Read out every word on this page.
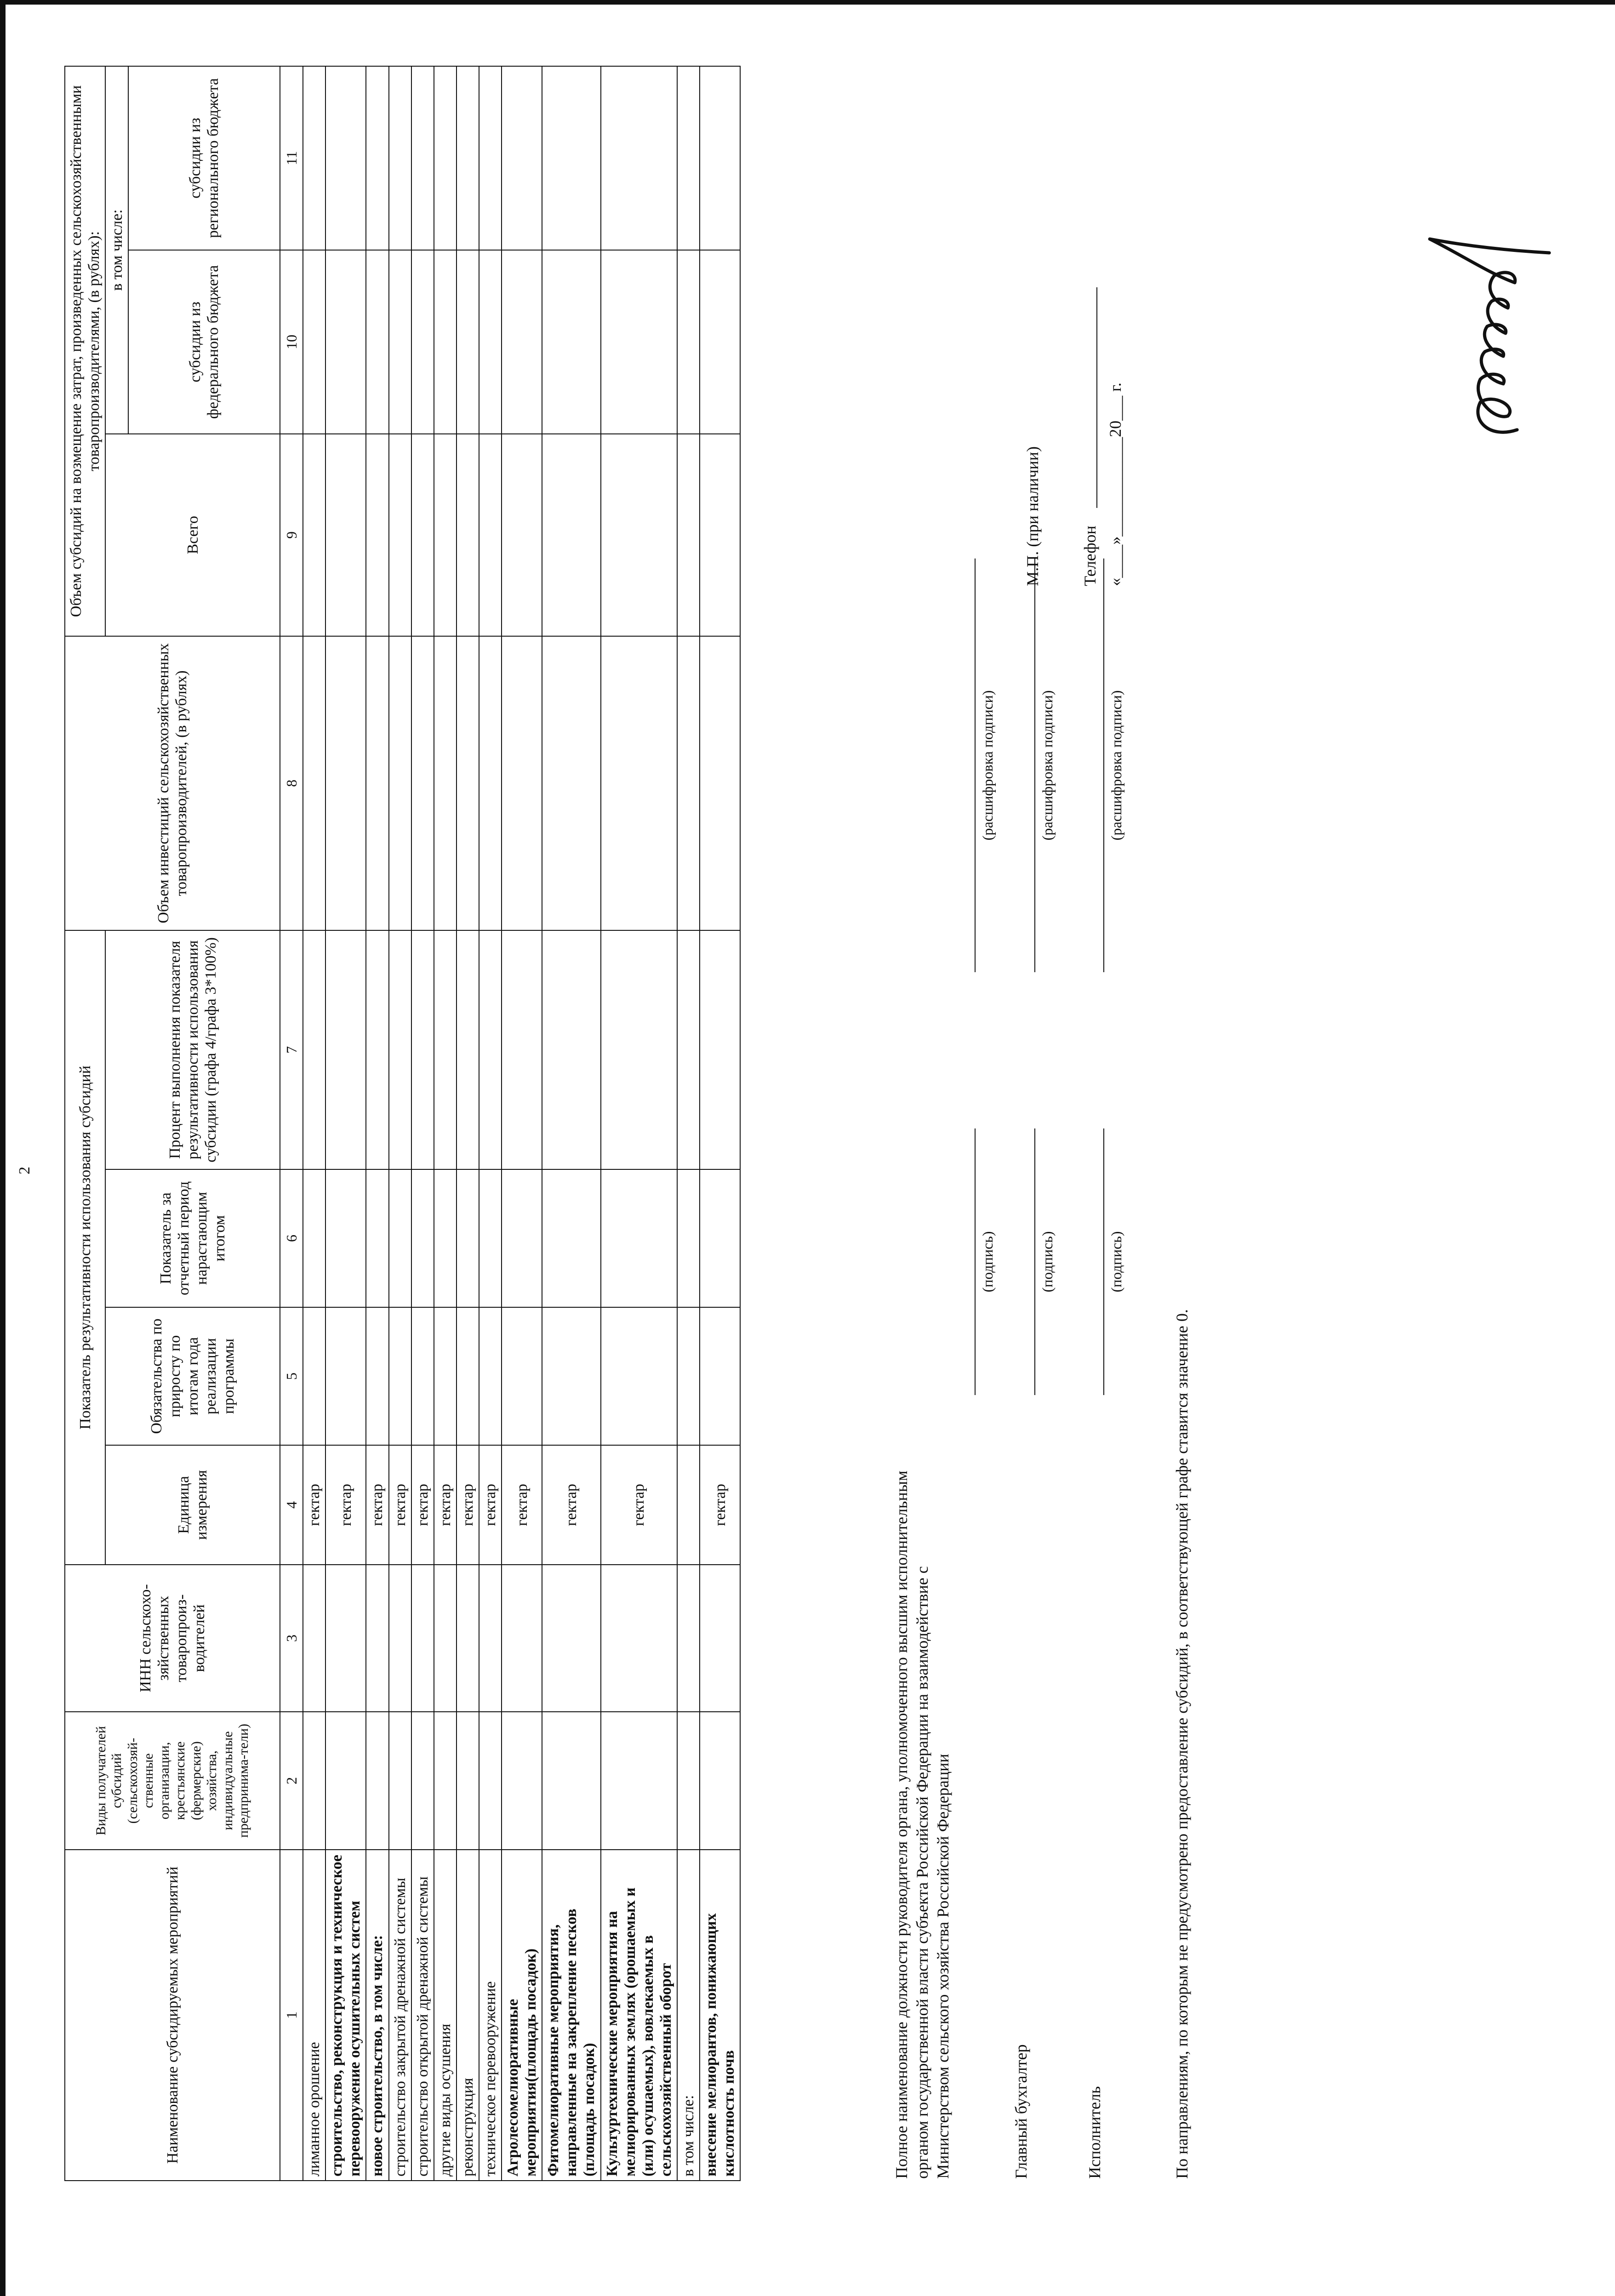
2
Наименование субсидируемых мероприятий	Виды получателей субсидий (сельскохозяй-ственные организации, крестьянские (фермерские) хозяйства, индивидуальные предпринима-тели)	ИНН сельскохо-зяйственных товаропроиз-водителей	Показатель результативности использования субсидий				Объем инвестиций сельскохозяйственных товаропроизводителей, (в рублях)	Объем субсидий на возмещение затрат, произведенных сельскохозяйственными товаропроизводителями, (в рублях):		
			Единица измерения	Обязательства по приросту по итогам года реализации программы	Показатель за отчетный период нарастающим итогом	Процент выполнения показателя результативности использования субсидии (графа 4/графа 3*100%)		Всего	в том числе:	
									субсидии из федерального бюджета	субсидии из регионального бюджета
1	2	3	4	5	6	7	8	9	10	11
лиманное орошение			гектар							
строительство, реконструкция и техническое перевооружение осушительных систем			гектар							
новое строительство, в том числе:			гектар							
строительство закрытой дренажной системы			гектар							
строительство открытой дренажной системы			гектар							
другие виды осушения			гектар							
реконструкция			гектар							
техническое перевооружение			гектар							
Агролесомелиоративные мероприятия(площадь посадок)			гектар							
Фитомелиоративные мероприятия, направленные на закрепление песков (площадь посадок)			гектар							
Культуртехнические мероприятия на мелиорированных землях (орошаемых и (или) осушаемых), вовлекаемых в сельскохозяйственный оборот			гектар							
в том числе:										
внесение мелиорантов, понижающих кислотность почв			гектар								Полное наименование должности руководителя органа, уполномоченного высшим исполнительным органом государственной власти субъекта Российской Федерации на взаимодействие с Министерством сельского хозяйства Российской Федерации
(подпись)
(расшифровка подписи)
Главный бухгалтер
(подпись)
(расшифровка подписи)
М.П. (при наличии)
Исполнитель
(подпись)
(расшифровка подписи)
Телефон «____»____________20___ г.
По направлениям, по которым не предусмотрено предоставление субсидий, в соответствующей графе ставится значение 0.
